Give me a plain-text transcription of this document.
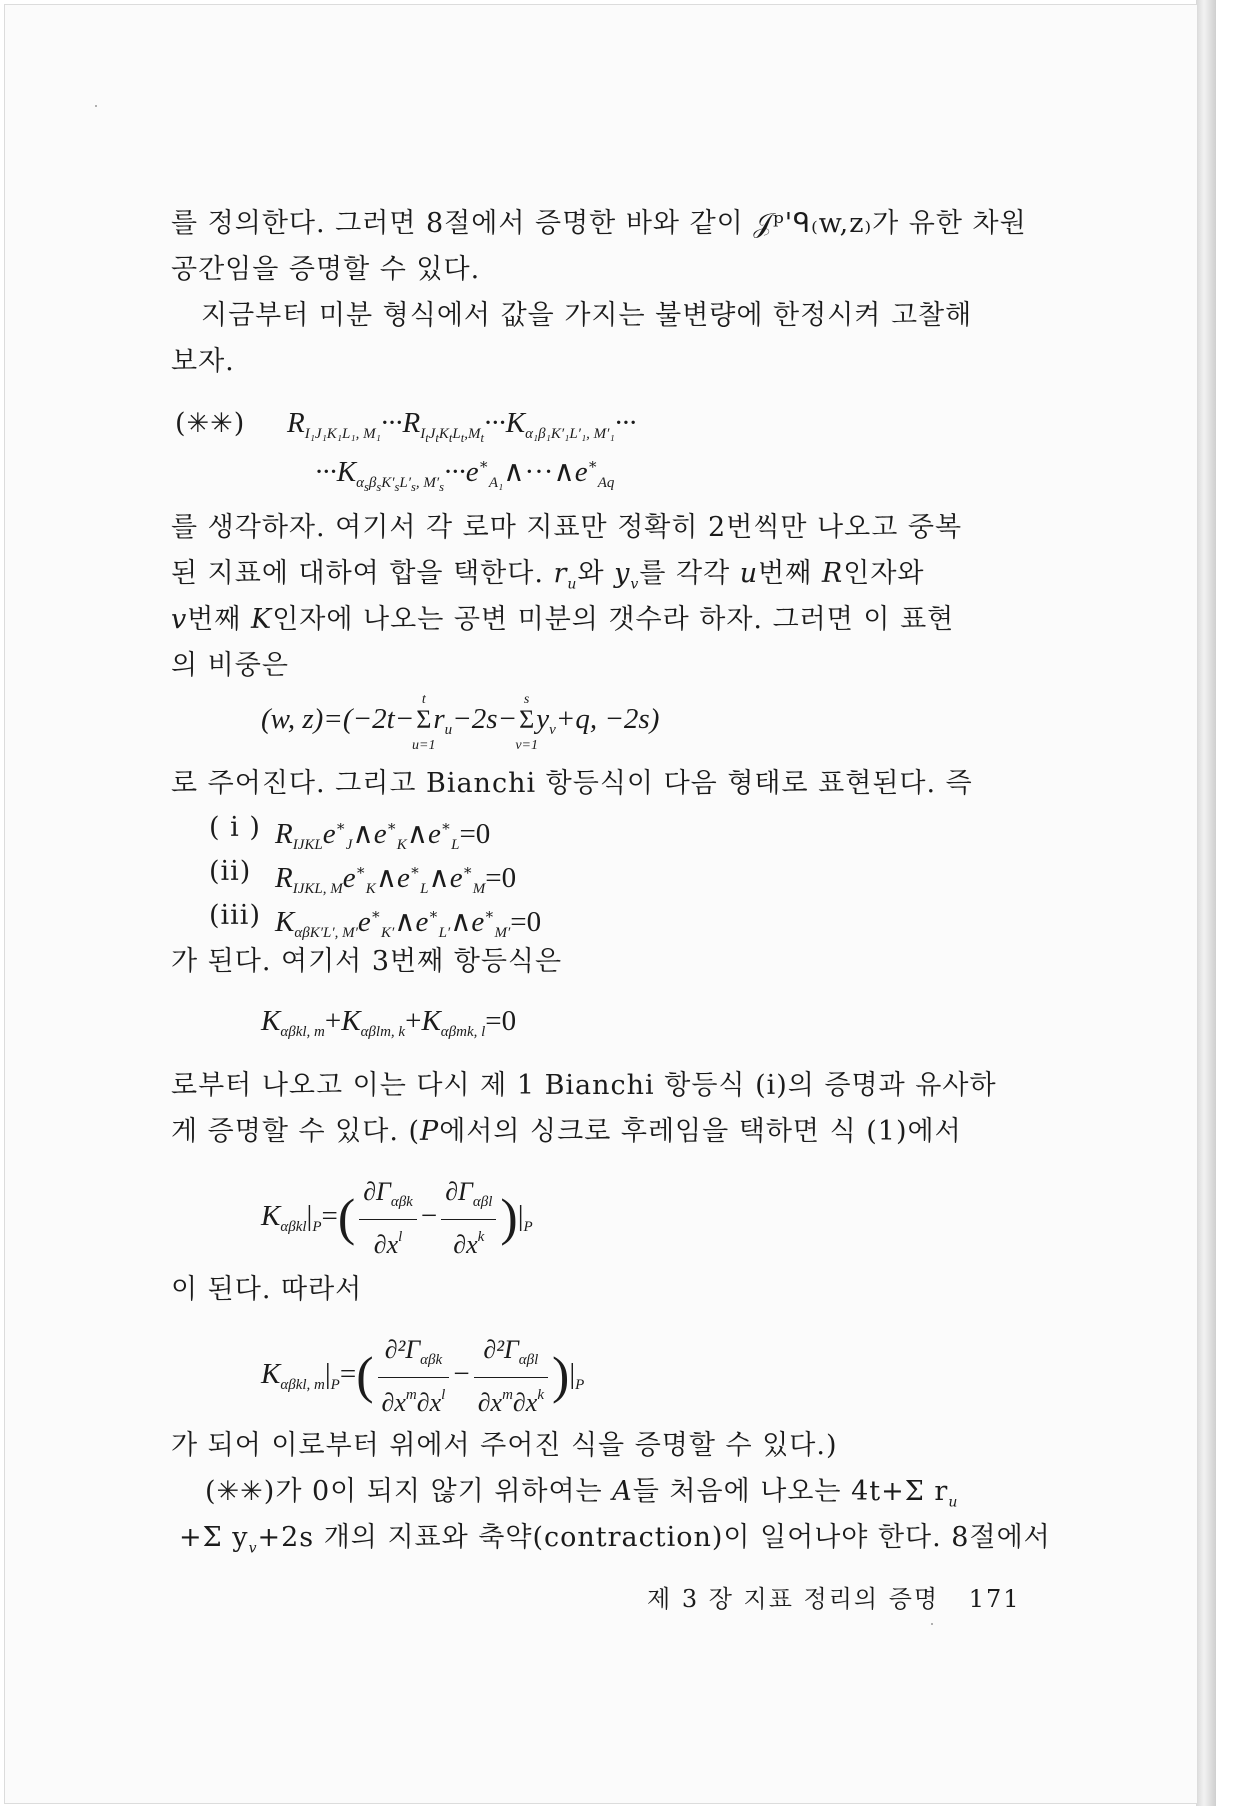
를 정의한다. 그러면 8절에서 증명한 바와 같이 𝒥ᵖ'ᑫ₍w,z₎가 유한 차원
공간임을 증명할 수 있다.
지금부터 미분 형식에서 값을 가지는 불변량에 한정시켜 고찰해
보자.
(✳✳) $R_{I_1J_1K_1L_1, M_1}\cdot\cdot\cdot R_{I_tJ_tK_tL_t,M_t}\cdot\cdot\cdot K_{\alpha_1\beta_1K'_1L'_1, M'_1}\cdot\cdot\cdot$
$\cdot\cdot\cdot K_{\alpha_s\beta_sK'_sL'_s, M'_s}\cdot\cdot\cdot e^∗_{A_1}\wedge\cdot\cdot\cdot\wedge e^∗_{Aq}$
를 생각하자. 여기서 각 로마 지표만 정확히 2번씩만 나오고 중복
된 지표에 대하여 합을 택한다. $r_u$와 $y_v$를 각각 u번째 R인자와
v번째 K인자에 나오는 공변 미분의 갯수라 하자. 그러면 이 표현
의 비중은
(w, z)=(−2t−Σ
t
u=1
$r_u-2s-\Sigma$
s
v=1
$y_v+q$, −2s)
로 주어진다. 그리고 Bianchi 항등식이 다음 형태로 표현된다. 즉
( i ) $R_{IJKL}e^∗_J\wedge e^∗_K\wedge e^∗_L=0$
(ii) $R_{IJKL, M}e^∗_K\wedge e^∗_L\wedge e^∗_M=0$
(iii) $K_{\alpha\beta K'L', M'}e^∗_{K'}\wedge e^∗_{L'}\wedge e^∗_{M'}=0$
가 된다. 여기서 3번째 항등식은
$K_{\alpha\beta kl, m}+K_{\alpha\beta lm, k}+K_{\alpha\beta mk, l}=0$
로부터 나오고 이는 다시 제 1 Bianchi 항등식 (i)의 증명과 유사하
게 증명할 수 있다. (P에서의 싱크로 후레임을 택하면 식 (1)에서
$K_{\alpha\beta kl}|_P=( \frac{\partial\Gamma_{\alpha\beta k}}{\partial x^l} - \frac{\partial\Gamma_{\alpha\beta l}}{\partial x^k} )|_P$
이 된다. 따라서
$K_{\alpha\beta kl, m}|_P=( \frac{\partial^2\Gamma_{\alpha\beta k}}{\partial x^m\partial x^l} - \frac{\partial^2\Gamma_{\alpha\beta l}}{\partial x^m\partial x^k} )|_P$
가 되어 이로부터 위에서 주어진 식을 증명할 수 있다.)
(✳✳)가 0이 되지 않기 위하여는 A들 처음에 나오는 4t+Σ $r_u$
+Σ $y_v+2s$ 개의 지표와 축약(contraction)이 일어나야 한다. 8절에서
제 3 장 지표 정리의 증명 171
